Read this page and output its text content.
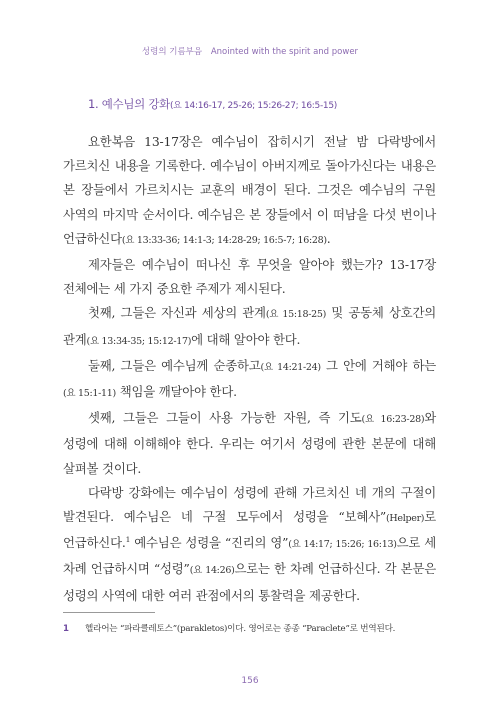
성령의 기름부음 Anointed with the spirit and power
1. 예수님의 강화(요 14:16-17, 25-26; 15:26-27; 16:5-15)

요한복음 13-17장은 예수님이 잡히시기 전날 밤 다락방에서 가르치신 내용을 기록한다. 예수님이 아버지께로 돌아가신다는 내용은 본 장들에서 가르치시는 교훈의 배경이 된다. 그것은 예수님의 구원 사역의 마지막 순서이다. 예수님은 본 장들에서 이 떠남을 다섯 번이나 언급하신다(요 13:33-36; 14:1-3; 14:28-29; 16:5-7; 16:28).

제자들은 예수님이 떠나신 후 무엇을 알아야 했는가? 13-17장 전체에는 세 가지 중요한 주제가 제시된다.

첫째, 그들은 자신과 세상의 관계(요 15:18-25) 및 공동체 상호간의 관계(요 13:34-35; 15:12-17)에 대해 알아야 한다.

둘째, 그들은 예수님께 순종하고(요 14:21-24) 그 안에 거해야 하는(요 15:1-11) 책임을 깨달아야 한다.

셋째, 그들은 그들이 사용 가능한 자원, 즉 기도(요 16:23-28)와 성령에 대해 이해해야 한다. 우리는 여기서 성령에 관한 본문에 대해 살펴볼 것이다.

다락방 강화에는 예수님이 성령에 관해 가르치신 네 개의 구절이 발견된다. 예수님은 네 구절 모두에서 성령을 “보혜사”(Helper)로 언급하신다.$^1$ 예수님은 성령을 “진리의 영”(요 14:17; 15:26; 16:13)으로 세 차례 언급하시며 “성령”(요 14:26)으로는 한 차례 언급하신다. 각 본문은 성령의 사역에 대한 여러 관점에서의 통찰력을 제공한다.

1 헬라어는 “파라클레토스”(parakletos)이다. 영어로는 종종 “Paraclete”로 번역된다.
156
